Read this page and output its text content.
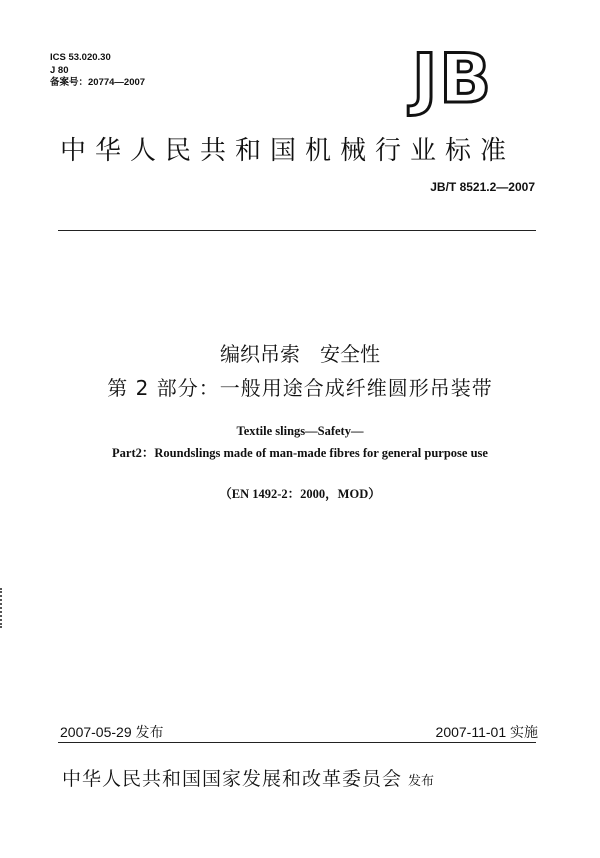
ICS 53.020.30
J 80
备案号：20774—2007	JB
中华人民共和国机械行业标准
JB/T 8521.2—2007
编织吊索　安全性
第 2 部分：一般用途合成纤维圆形吊装带
Textile slings—Safety—
Part2：Roundslings made of man-made fibres for general purpose use
（EN 1492-2：2000，MOD）
2007-05-29 发布	2007-11-01 实施
中华人民共和国国家发展和改革委员会 发布
